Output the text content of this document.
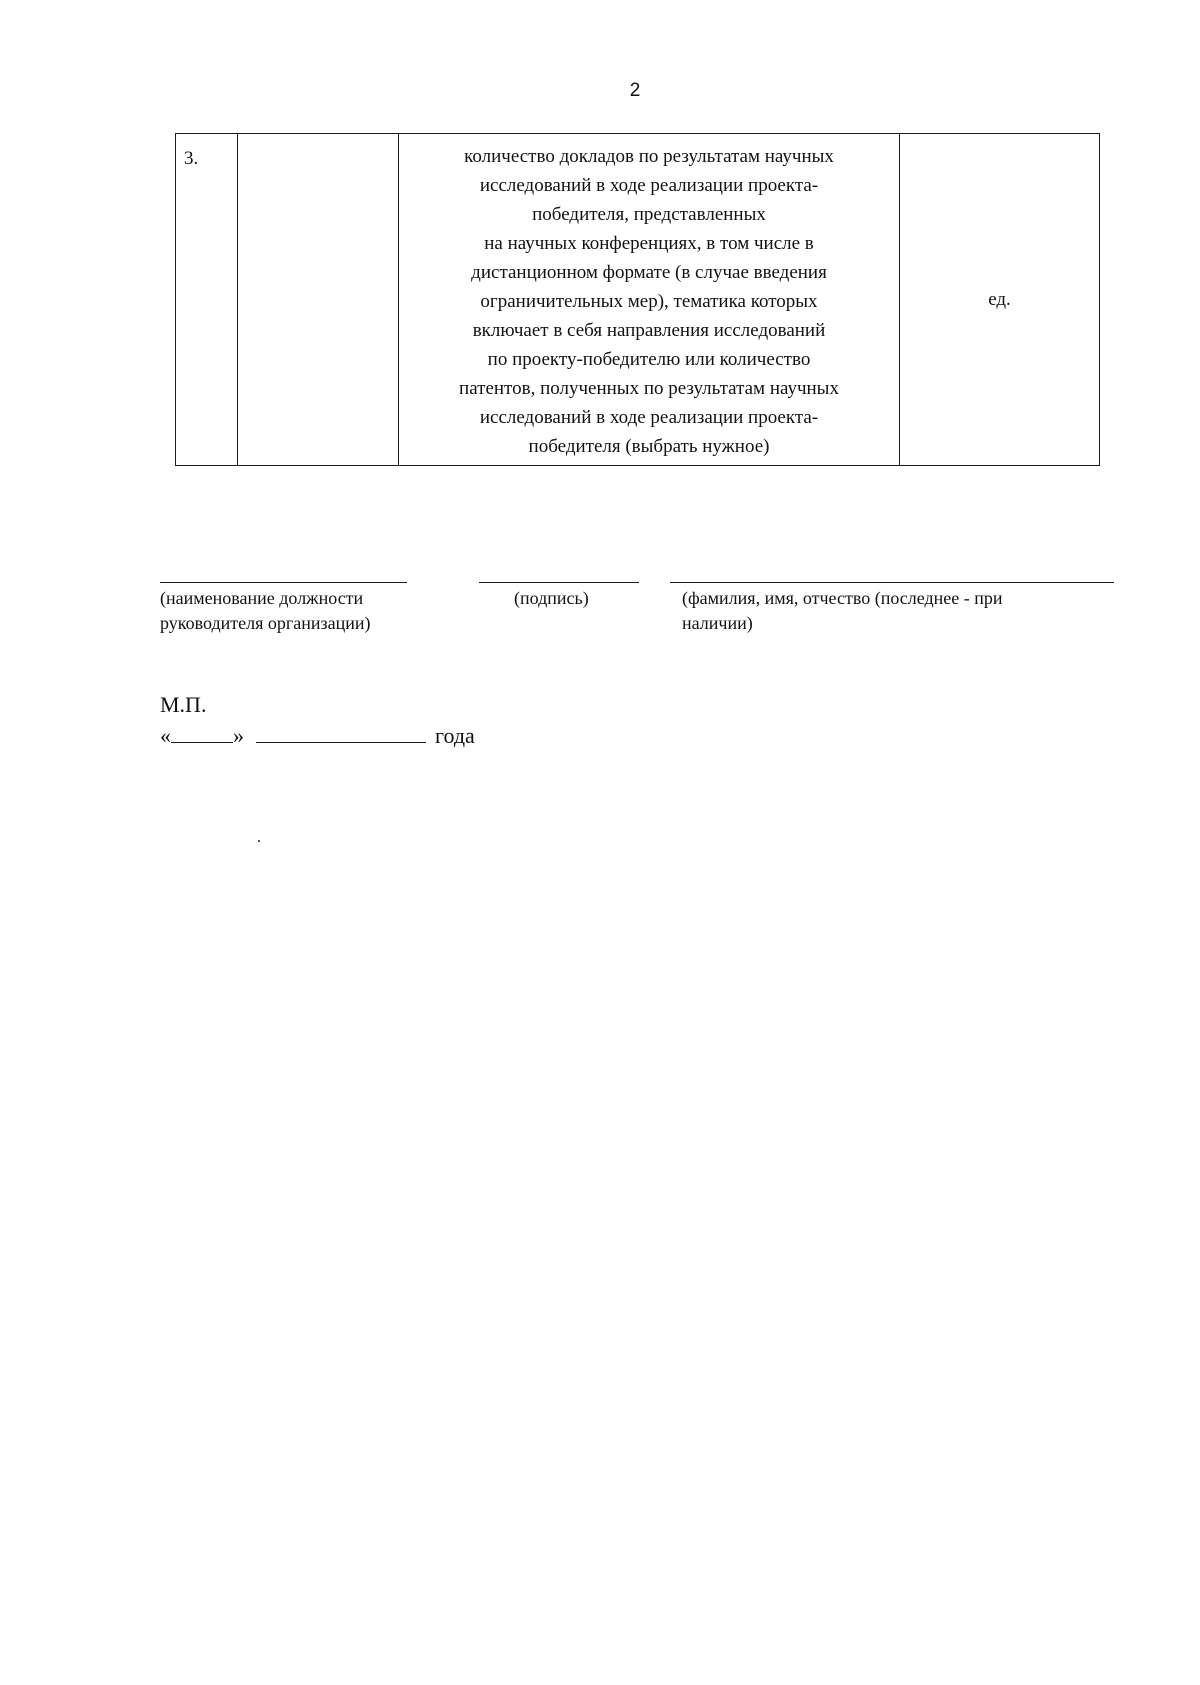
2
3.		количество докладов по результатам научных
исследований в ходе реализации проекта-
победителя, представленных
на научных конференциях, в том числе в
дистанционном формате (в случае введения
ограничительных мер), тематика которых
включает в себя направления исследований
по проекту-победителю или количество
патентов, полученных по результатам научных
исследований в ходе реализации проекта-
победителя (выбрать нужное)
	ед.
(наименование должности
руководителя организации)
(подпись)	(фамилия, имя, отчество (последнее - при
наличии)
М.П.
«	»	года
